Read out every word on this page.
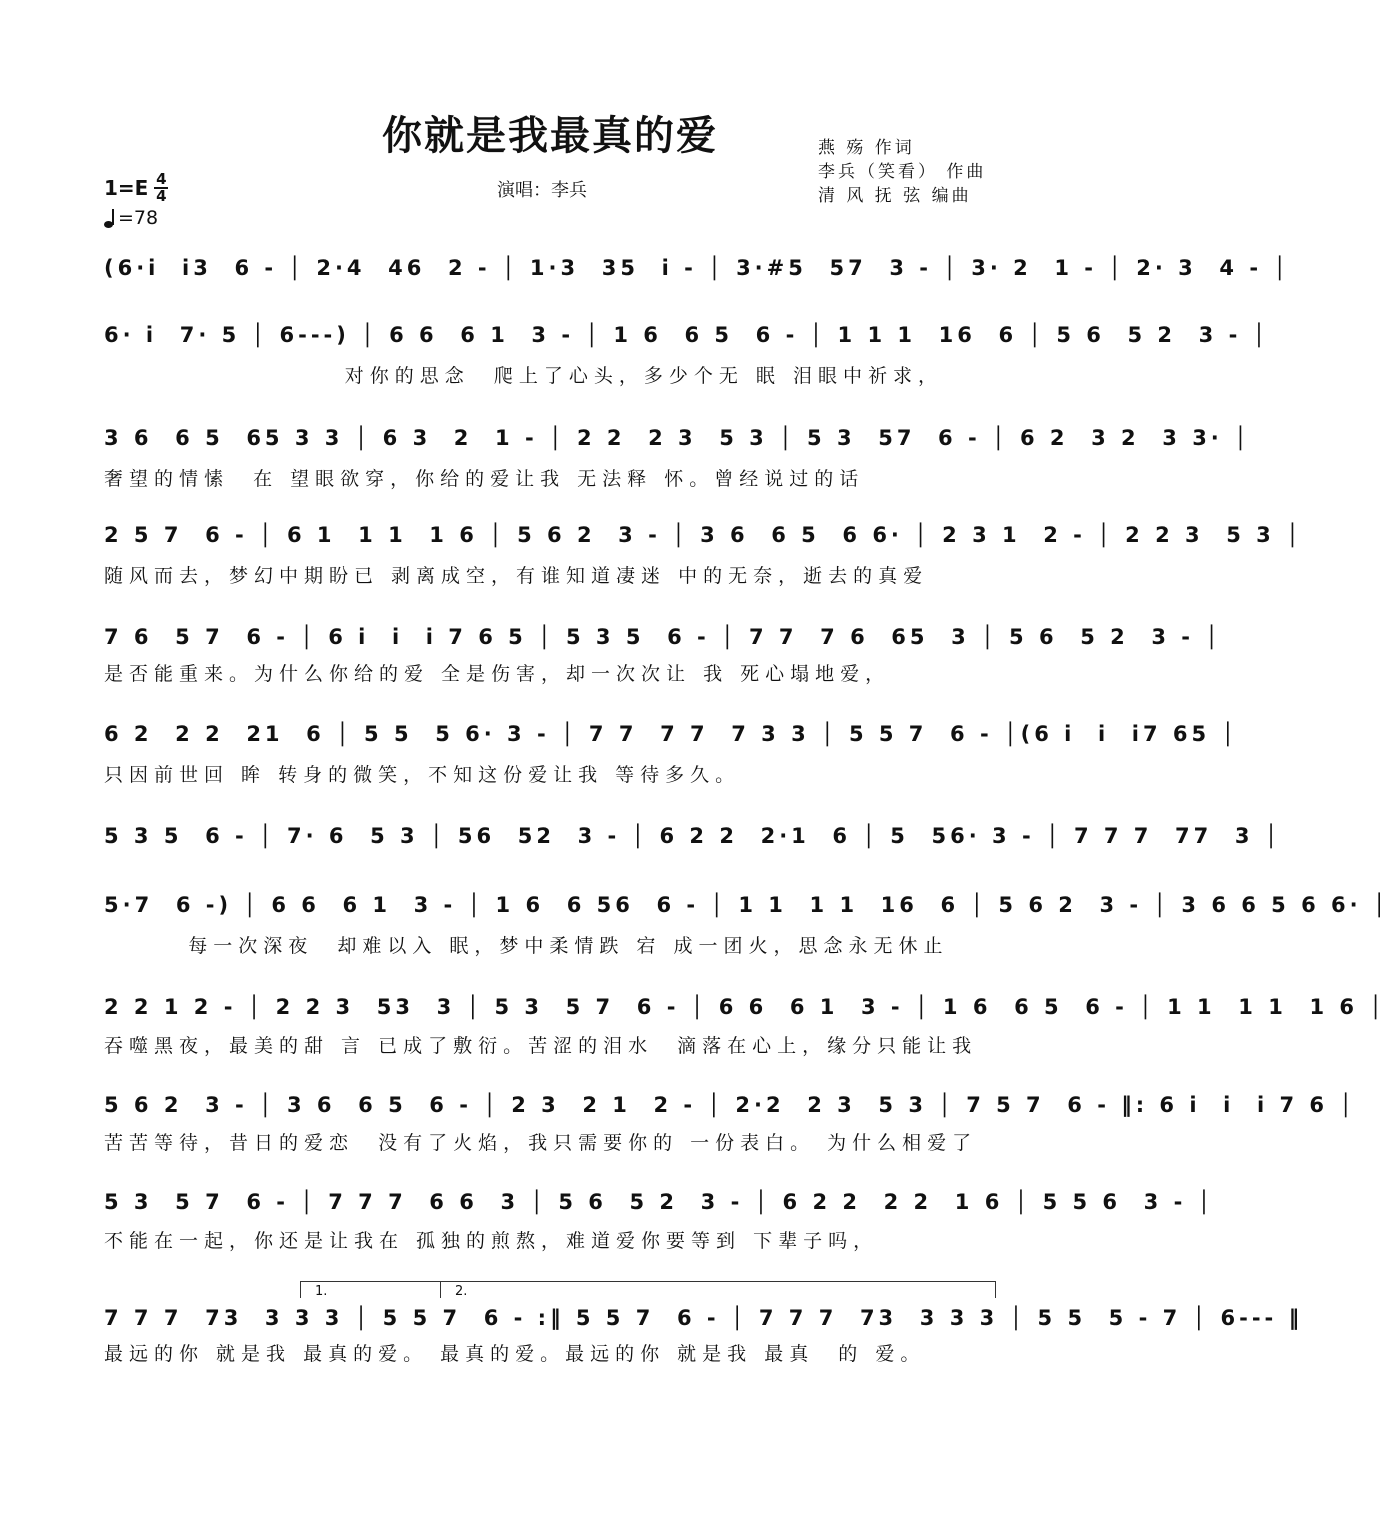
你就是我最真的爱
演唱：李兵
燕 殇 作词
李兵（笑看） 作曲
清 风 抚 弦 编曲
$1=E \frac{4}{4}$
=78
(6·i  i3  6 - │ 2·4  46  2 - │ 1·3  35  i - │ 3·#5  57  3 - │ 3· 2  1 - │ 2· 3  4 - │
6· i  7· 5 │ 6---) │ 6 6  6 1  3 - │ 1 6  6 5  6 - │ 1 1 1  16  6 │ 5 6  5 2  3 - │
3 6  6 5  65 3 3 │ 6 3  2  1 - │ 2 2  2 3  5 3 │ 5 3  57  6 - │ 6 2  3 2  3 3· │
2 5 7  6 - │ 6 1  1 1  1 6 │ 5 6 2  3 - │ 3 6  6 5  6 6· │ 2 3 1  2 - │ 2 2 3  5 3 │
7 6  5 7  6 - │ 6 i  i  i 7 6 5 │ 5 3 5  6 - │ 7 7  7 6  65  3 │ 5 6  5 2  3 - │
6 2  2 2  21  6 │ 5 5  5 6· 3 - │ 7 7  7 7  7 3 3 │ 5 5 7  6 - │(6 i  i  i7 65 │
5 3 5  6 - │ 7· 6  5 3 │ 56  52  3 - │ 6 2 2  2·1  6 │ 5  56· 3 - │ 7 7 7  77  3 │
5·7  6 -) │ 6 6  6 1  3 - │ 1 6  6 56  6 - │ 1 1  1 1  16  6 │ 5 6 2  3 - │ 3 6 6 5 6 6· │
2 2 1 2 - │ 2 2 3  53  3 │ 5 3  5 7  6 - │ 6 6  6 1  3 - │ 1 6  6 5  6 - │ 1 1  1 1  1 6 │
5 6 2  3 - │ 3 6  6 5  6 - │ 2 3  2 1  2 - │ 2·2  2 3  5 3 │ 7 5 7  6 - ‖: 6 i  i  i 7 6 │
5 3  5 7  6 - │ 7 7 7  6 6  3 │ 5 6  5 2  3 - │ 6 2 2  2 2  1 6 │ 5 5 6  3 - │
7 7 7  73  3 3 3 │ 5 5 7  6 - :‖ 5 5 7  6 - │ 7 7 7  73  3 3 3 │ 5 5  5 - 7 │ 6--- ‖
对你的思念  爬上了心头，多少个无 眠 泪眼中祈求，
奢望的情愫  在 望眼欲穿，你给的爱让我 无法释 怀。曾经说过的话
随风而去，梦幻中期盼已 剥离成空，有谁知道凄迷 中的无奈，逝去的真爱
是否能重来。为什么你给的爱 全是伤害，却一次次让 我 死心塌地爱，
只因前世回 眸 转身的微笑，不知这份爱让我 等待多久。
每一次深夜  却难以入 眠，梦中柔情跌 宕 成一团火，思念永无休止
吞噬黑夜，最美的甜 言 已成了敷衍。苦涩的泪水  滴落在心上，缘分只能让我
苦苦等待，昔日的爱恋  没有了火焰，我只需要你的 一份表白。 为什么相爱了
不能在一起，你还是让我在 孤独的煎熬，难道爱你要等到 下辈子吗，
最远的你 就是我 最真的爱。 最真的爱。最远的你 就是我 最真  的 爱。
1.	2.
